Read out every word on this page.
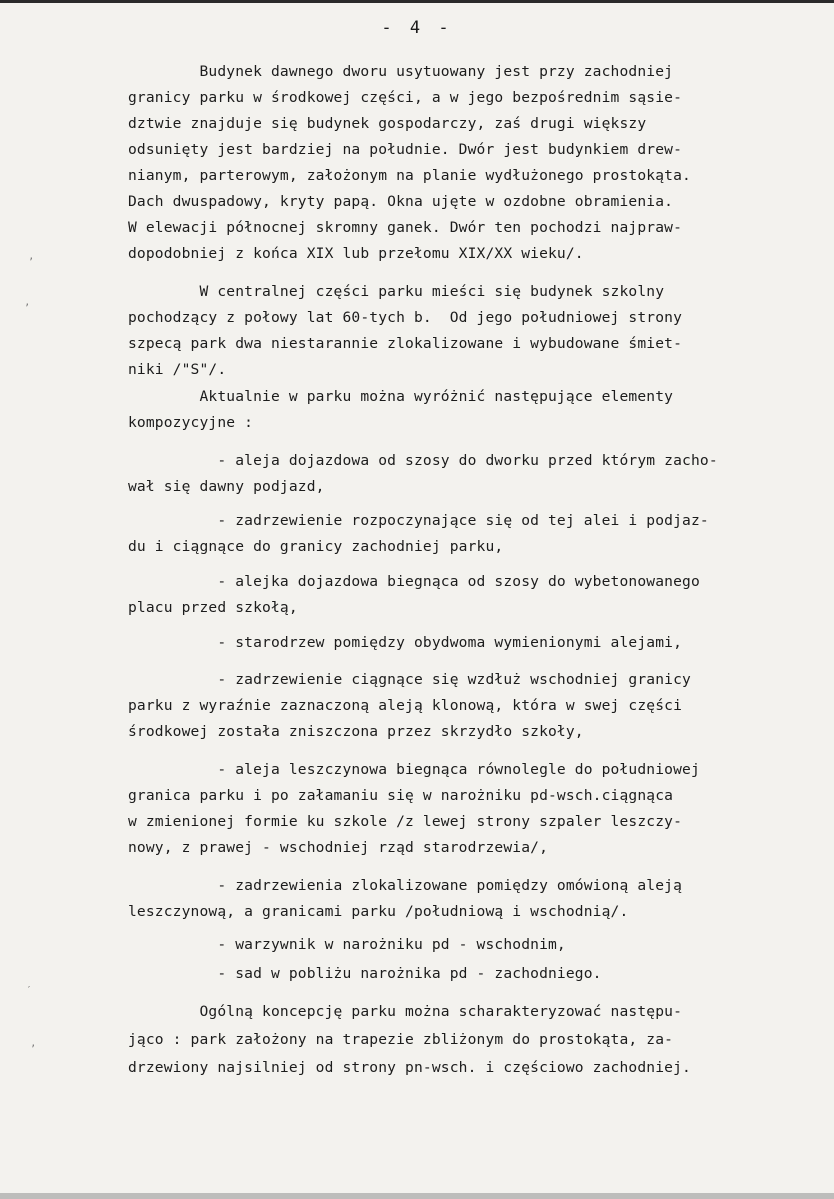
- 4 -
Budynek dawnego dworu usytuowany jest przy zachodniej
granicy parku w środkowej części, a w jego bezpośrednim sąsie-
dztwie znajduje się budynek gospodarczy, zaś drugi większy
odsunięty jest bardziej na południe. Dwór jest budynkiem drew-
nianym, parterowym, założonym na planie wydłużonego prostokąta.
Dach dwuspadowy, kryty papą. Okna ujęte w ozdobne obramienia.
W elewacji północnej skromny ganek. Dwór ten pochodzi najpraw-
dopodobniej z końca XIX lub przełomu XIX/XX wieku/.
W centralnej części parku mieści się budynek szkolny
pochodzący z połowy lat 60-tych b.  Od jego południowej strony
szpecą park dwa niestarannie zlokalizowane i wybudowane śmiet-
niki /"S"/.
Aktualnie w parku można wyróżnić następujące elementy
kompozycyjne :
- aleja dojazdowa od szosy do dworku przed którym zacho-
wał się dawny podjazd,
- zadrzewienie rozpoczynające się od tej alei i podjaz-
du i ciągnące do granicy zachodniej parku,
- alejka dojazdowa biegnąca od szosy do wybetonowanego
placu przed szkołą,
- starodrzew pomiędzy obydwoma wymienionymi alejami,
- zadrzewienie ciągnące się wzdłuż wschodniej granicy
parku z wyraźnie zaznaczoną aleją klonową, która w swej części
środkowej została zniszczona przez skrzydło szkoły,
- aleja leszczynowa biegnąca równolegle do południowej
granica parku i po załamaniu się w narożniku pd-wsch.ciągnąca
w zmienionej formie ku szkole /z lewej strony szpaler leszczy-
nowy, z prawej - wschodniej rząd starodrzewia/,
- zadrzewienia zlokalizowane pomiędzy omówioną aleją
leszczynową, a granicami parku /południową i wschodnią/.
- warzywnik w narożniku pd - wschodnim,
- sad w pobliżu narożnika pd - zachodniego.
Ogólną koncepcję parku można scharakteryzować następu-
jąco : park założony na trapezie zbliżonym do prostokąta, za-
drzewiony najsilniej od strony pn-wsch. i częściowo zachodniej.
’
’
′
’
